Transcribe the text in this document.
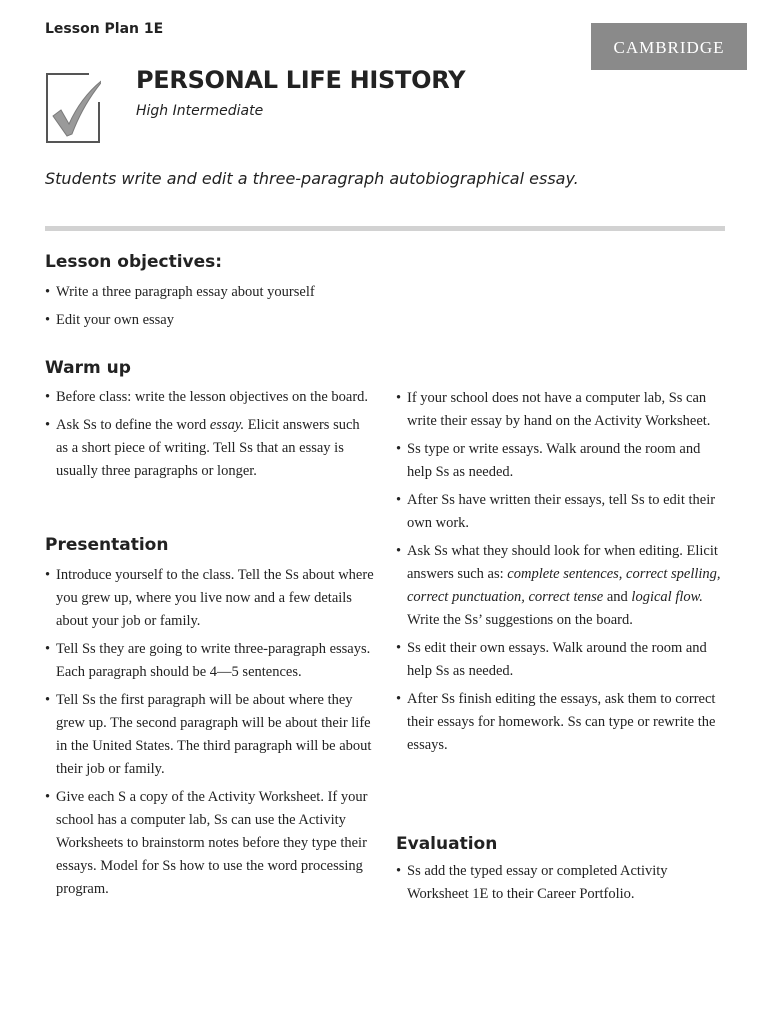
Lesson Plan 1E
CAMBRIDGE
PERSONAL LIFE HISTORY
High Intermediate
Students write and edit a three-paragraph autobiographical essay.
Lesson objectives:
• Write a three paragraph essay about yourself
• Edit your own essay
Warm up
• Before class: write the lesson objectives on the board.
• Ask Ss to define the word essay. Elicit answers such as a short piece of writing. Tell Ss that an essay is usually three paragraphs or longer.
Presentation
• Introduce yourself to the class. Tell the Ss about where you grew up, where you live now and a few details about your job or family.
• Tell Ss they are going to write three-paragraph essays. Each paragraph should be 4—5 sentences.
• Tell Ss the first paragraph will be about where they grew up. The second paragraph will be about their life in the United States. The third paragraph will be about their job or family.
• Give each S a copy of the Activity Worksheet. If your school has a computer lab, Ss can use the Activity Worksheets to brainstorm notes before they type their essays. Model for Ss how to use the word processing program.
• If your school does not have a computer lab, Ss can write their essay by hand on the Activity Worksheet.
• Ss type or write essays. Walk around the room and help Ss as needed.
• After Ss have written their essays, tell Ss to edit their own work.
• Ask Ss what they should look for when editing. Elicit answers such as: complete sentences, correct spelling, correct punctuation, correct tense and logical flow. Write the Ss’ suggestions on the board.
• Ss edit their own essays. Walk around the room and help Ss as needed.
• After Ss finish editing the essays, ask them to correct their essays for homework. Ss can type or rewrite the essays.
Evaluation
• Ss add the typed essay or completed Activity Worksheet 1E to their Career Portfolio.
